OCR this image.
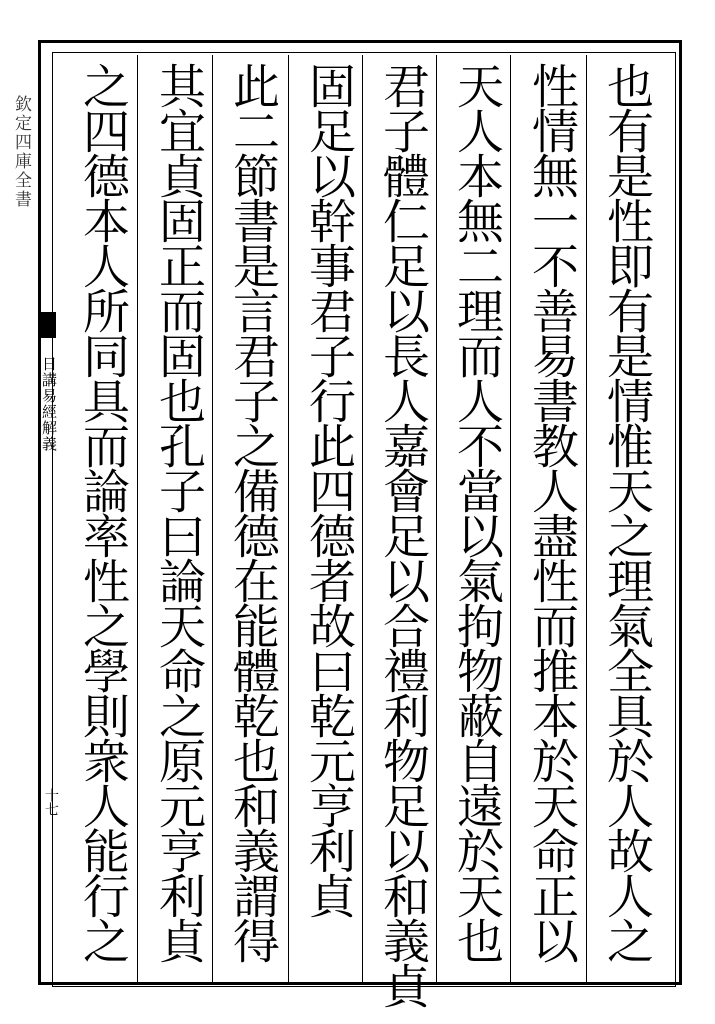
欽定四庫全書
日講易經解義
十七	也有是性即有是情惟天之理氣全具於人故人之
性情無一不善易書教人盡性而推本於天命正以
天人本無二理而人不當以氣拘物蔽自遠於天也
君子體仁足以長人嘉會足以合禮利物足以和義貞
固足以幹事君子行此四德者故曰乾元亨利貞
此二節書是言君子之備德在能體乾也和義謂得
其宜貞固正而固也孔子曰論天命之原元亨利貞
之四德本人所同具而論率性之學則衆人能行之
